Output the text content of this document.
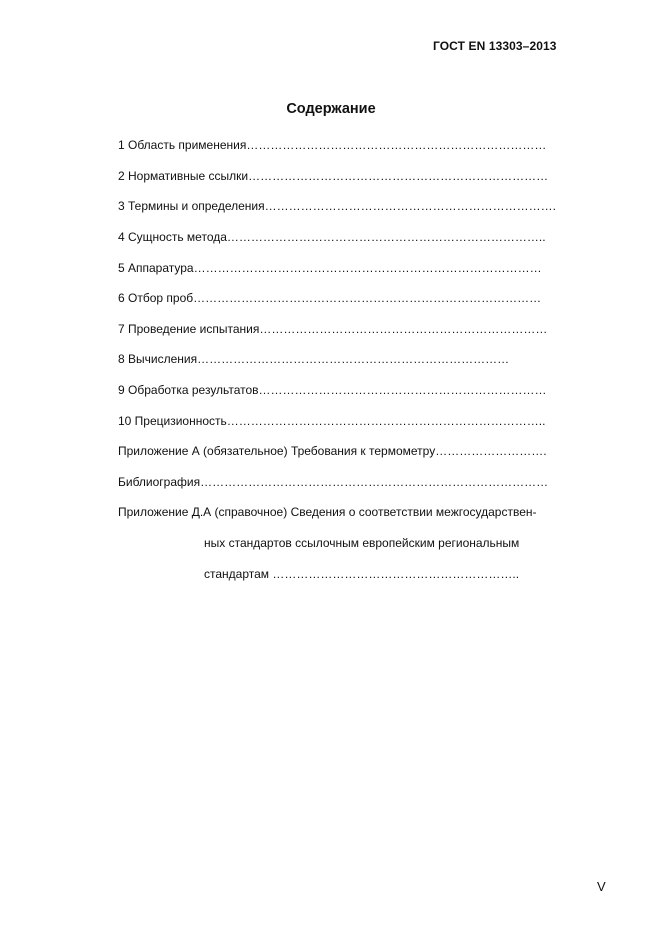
ГОСТ EN 13303–2013
Содержание
1 Область применения…………………………………………………………………
2 Нормативные ссылки…………………………………………………………………
3 Термины и определения……………………………………………………………….
4 Сущность метода……………………………………………………………………..
5 Аппаратура……………………………………………………………………………
6 Отбор проб……………………………………………………………………………
7 Проведение испытания………………………………………………………………
8 Вычисления……………………………………………………………………
9 Обработка результатов………………………………………………………………
10 Прецизионность……………………………………………………………………..
Приложение А (обязательное) Требования к термометру……………………….
Библиография……………………………………………………………………………
Приложение Д.А (справочное) Сведения о соответствии межгосударствен-
ных стандартов ссылочным европейским региональным
стандартам ……………………………………………………..
V
